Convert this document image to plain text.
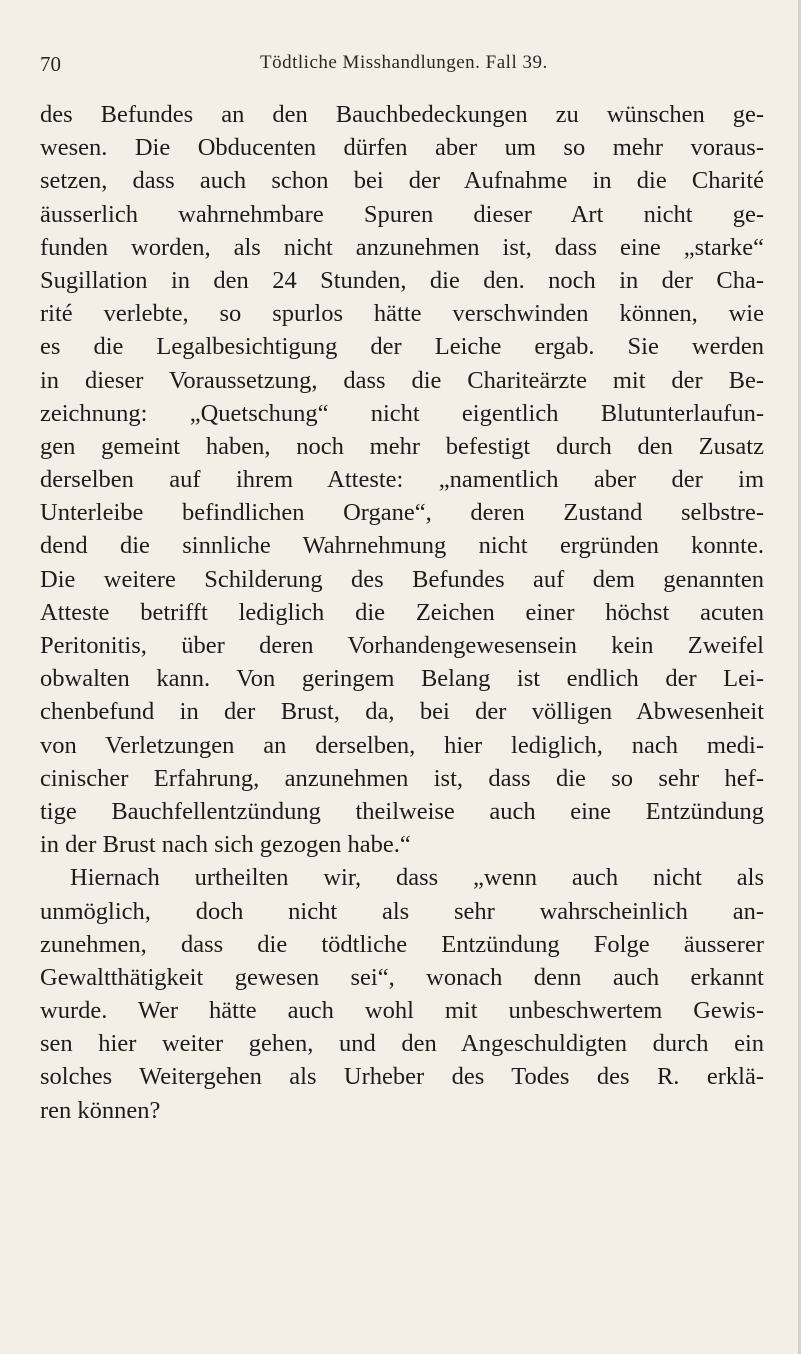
70	Tödtliche Misshandlungen. Fall 39.
des Befundes an den Bauchbedeckungen zu wünschen ge-
wesen. Die Obducenten dürfen aber um so mehr voraus-
setzen, dass auch schon bei der Aufnahme in die Charité
äusserlich wahrnehmbare Spuren dieser Art nicht ge-
funden worden, als nicht anzunehmen ist, dass eine „starke“
Sugillation in den 24 Stunden, die den. noch in der Cha-
rité verlebte, so spurlos hätte verschwinden können, wie
es die Legalbesichtigung der Leiche ergab. Sie werden
in dieser Voraussetzung, dass die Chariteärzte mit der Be-
zeichnung: „Quetschung“ nicht eigentlich Blutunterlaufun-
gen gemeint haben, noch mehr befestigt durch den Zusatz
derselben auf ihrem Atteste: „namentlich aber der im
Unterleibe befindlichen Organe“, deren Zustand selbstre-
dend die sinnliche Wahrnehmung nicht ergründen konnte.
Die weitere Schilderung des Befundes auf dem genannten
Atteste betrifft lediglich die Zeichen einer höchst acuten
Peritonitis, über deren Vorhandengewesensein kein Zweifel
obwalten kann. Von geringem Belang ist endlich der Lei-
chenbefund in der Brust, da, bei der völligen Abwesenheit
von Verletzungen an derselben, hier lediglich, nach medi-
cinischer Erfahrung, anzunehmen ist, dass die so sehr hef-
tige Bauchfellentzündung theilweise auch eine Entzündung
in der Brust nach sich gezogen habe.“
Hiernach urtheilten wir, dass „wenn auch nicht als
unmöglich, doch nicht als sehr wahrscheinlich an-
zunehmen, dass die tödtliche Entzündung Folge äusserer
Gewaltthätigkeit gewesen sei“, wonach denn auch erkannt
wurde. Wer hätte auch wohl mit unbeschwertem Gewis-
sen hier weiter gehen, und den Angeschuldigten durch ein
solches Weitergehen als Urheber des Todes des R. erklä-
ren können?
